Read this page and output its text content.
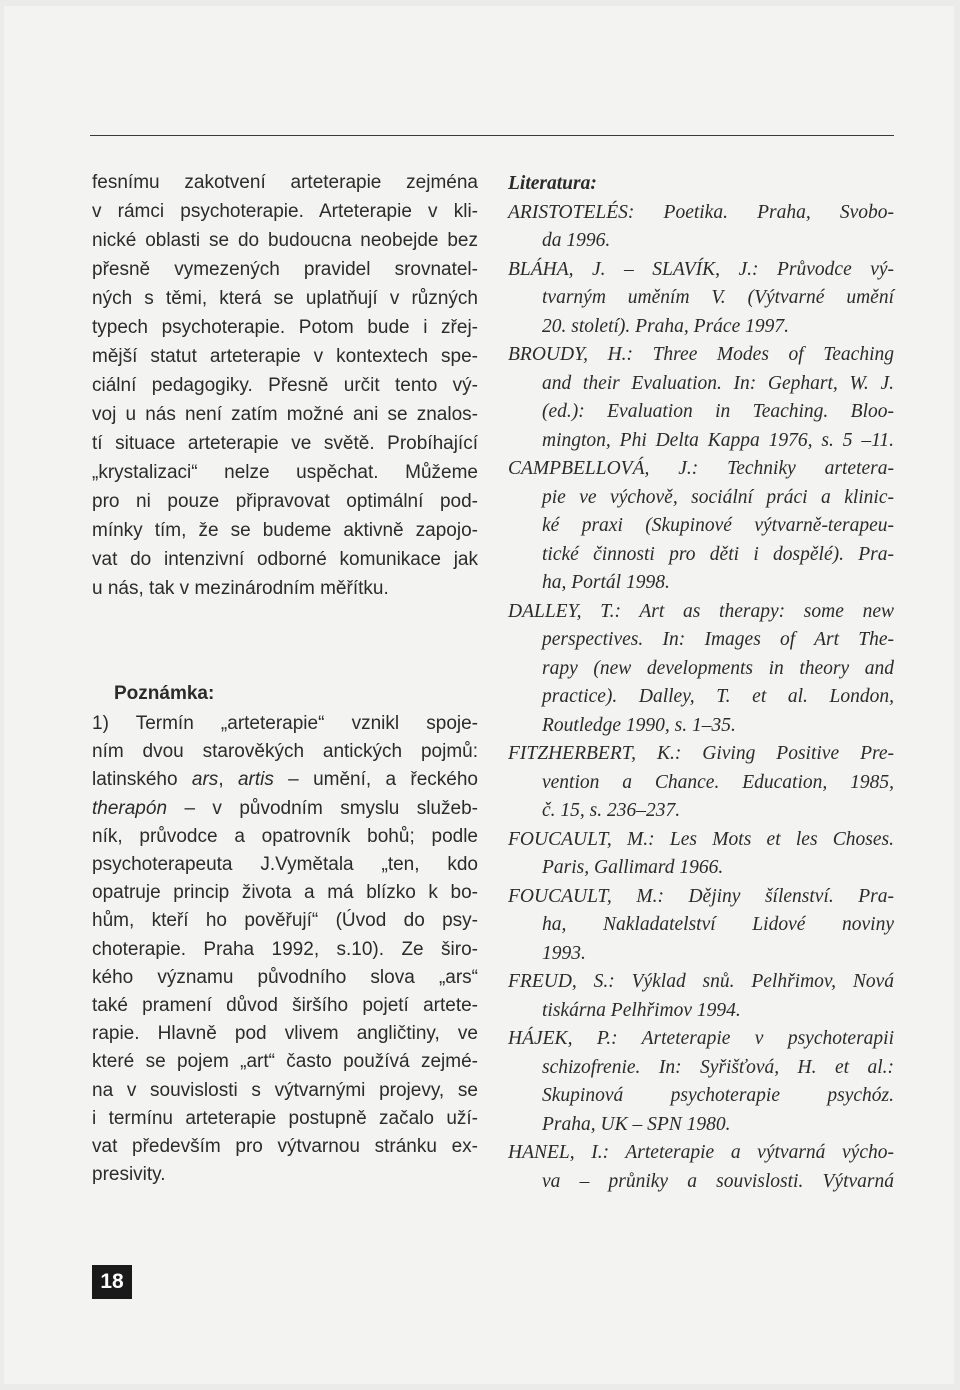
fesnímu zakotvení arteterapie zejména
v rámci psychoterapie. Arteterapie v kli-
nické oblasti se do budoucna neobejde bez
přesně vymezených pravidel srovnatel-
ných s těmi, která se uplatňují v různých
typech psychoterapie. Potom bude i zřej-
mější statut arteterapie v kontextech spe-
ciální pedagogiky. Přesně určit tento vý-
voj u nás není zatím možné ani se znalos-
tí situace arteterapie ve světě. Probíhající
„krystalizaci“ nelze uspěchat. Můžeme
pro ni pouze připravovat optimální pod-
mínky tím, že se budeme aktivně zapojo-
vat do intenzivní odborné komunikace jak
u nás, tak v mezinárodním měřítku.
Poznámka:
1) Termín „arteterapie“ vznikl spoje-
ním dvou starověkých antických pojmů:
latinského ars, artis – umění, a řeckého
therapón – v původním smyslu služeb-
ník, průvodce a opatrovník bohů; podle
psychoterapeuta J.Vymětala „ten, kdo
opatruje princip života a má blízko k bo-
hům, kteří ho pověřují“ (Úvod do psy-
choterapie. Praha 1992, s.10). Ze širo-
kého významu původního slova „ars“
také pramení důvod širšího pojetí artete-
rapie. Hlavně pod vlivem angličtiny, ve
které se pojem „art“ často používá zejmé-
na v souvislosti s výtvarnými projevy, se
i termínu arteterapie postupně začalo uží-
vat především pro výtvarnou stránku ex-
presivity.
Literatura:
ARISTOTELÉS: Poetika. Praha, Svobo-
da 1996.
BLÁHA, J. – SLAVÍK, J.: Průvodce vý-
tvarným uměním V. (Výtvarné umění
20. století). Praha, Práce 1997.
BROUDY, H.: Three Modes of Teaching
and their Evaluation. In: Gephart, W. J.
(ed.): Evaluation in Teaching. Bloo-
mington, Phi Delta Kappa 1976, s. 5 –11.
CAMPBELLOVÁ, J.: Techniky artetera-
pie ve výchově, sociální práci a klinic-
ké praxi (Skupinové výtvarně-terapeu-
tické činnosti pro děti i dospělé). Pra-
ha, Portál 1998.
DALLEY, T.: Art as therapy: some new
perspectives. In: Images of Art The-
rapy (new developments in theory and
practice). Dalley, T. et al. London,
Routledge 1990, s. 1–35.
FITZHERBERT, K.: Giving Positive Pre-
vention a Chance. Education, 1985,
č. 15, s. 236–237.
FOUCAULT, M.: Les Mots et les Choses.
Paris, Gallimard 1966.
FOUCAULT, M.: Dějiny šílenství. Pra-
ha, Nakladatelství Lidové noviny
1993.
FREUD, S.: Výklad snů. Pelhřimov, Nová
tiskárna Pelhřimov 1994.
HÁJEK, P.: Arteterapie v psychoterapii
schizofrenie. In: Syřišťová, H. et al.:
Skupinová psychoterapie psychóz.
Praha, UK – SPN 1980.
HANEL, I.: Arteterapie a výtvarná výcho-
va – průniky a souvislosti. Výtvarná
18
